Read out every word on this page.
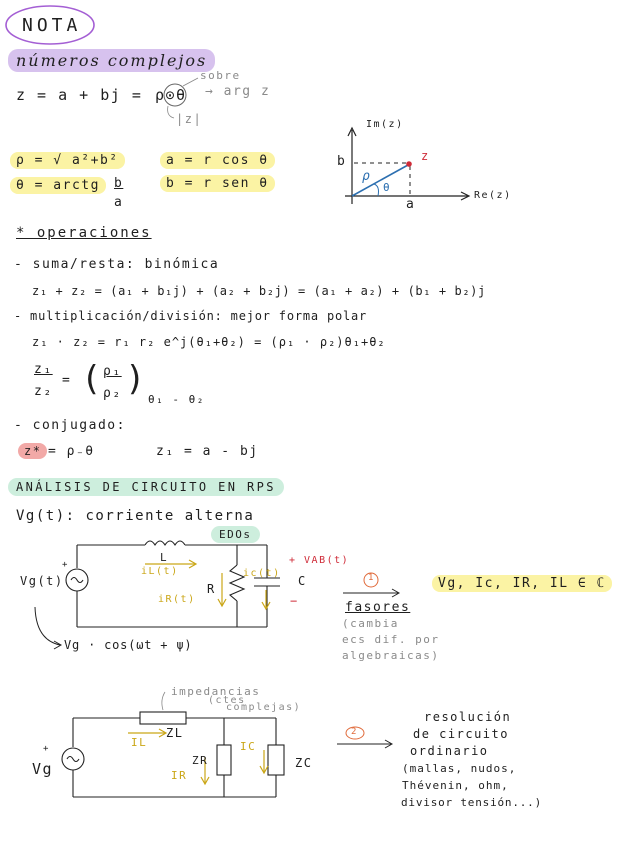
NOTA
números complejos
z = a + bj = ρ⊙θ
sobre
→ arg z
|z|
ρ = √ a²+b²
θ = arctg	b
a
a = r cos θ
b = r sen θ
Im(z)
Re(z)
b
a
z
ρ
θ
* operaciones
- suma/resta: binómica
z₁ + z₂ = (a₁ + b₁j) + (a₂ + b₂j) = (a₁ + a₂) + (b₁ + b₂)j
- multiplicación/división: mejor forma polar
z₁ · z₂ = r₁ r₂ e^j(θ₁+θ₂) = (ρ₁ · ρ₂)θ₁+θ₂
z₁
z₂
= ( ρ₁
ρ₂ )
θ₁ - θ₂
- conjugado:
z* = ρ₋θ	z₁ = a - bj
ANÁLISIS DE CIRCUITO EN RPS
Vg(t): corriente alterna
EDOs
L
iL(t)
R
iR(t)
ic(t)
C
+ VAB(t)
−
Vg(t)
+
Vg · cos(ωt + ψ)
1
fasores
(cambia
ecs dif. por
algebraicas)
Vg, Ic, IR, IL ∈ ℂ
impedancias
(ctes
complejas)
ZL
IL
ZR
IR
IC
ZC
Vg
+
2
resolución
de circuito
ordinario
(mallas, nudos,
Thévenin, ohm,
divisor tensión...)
